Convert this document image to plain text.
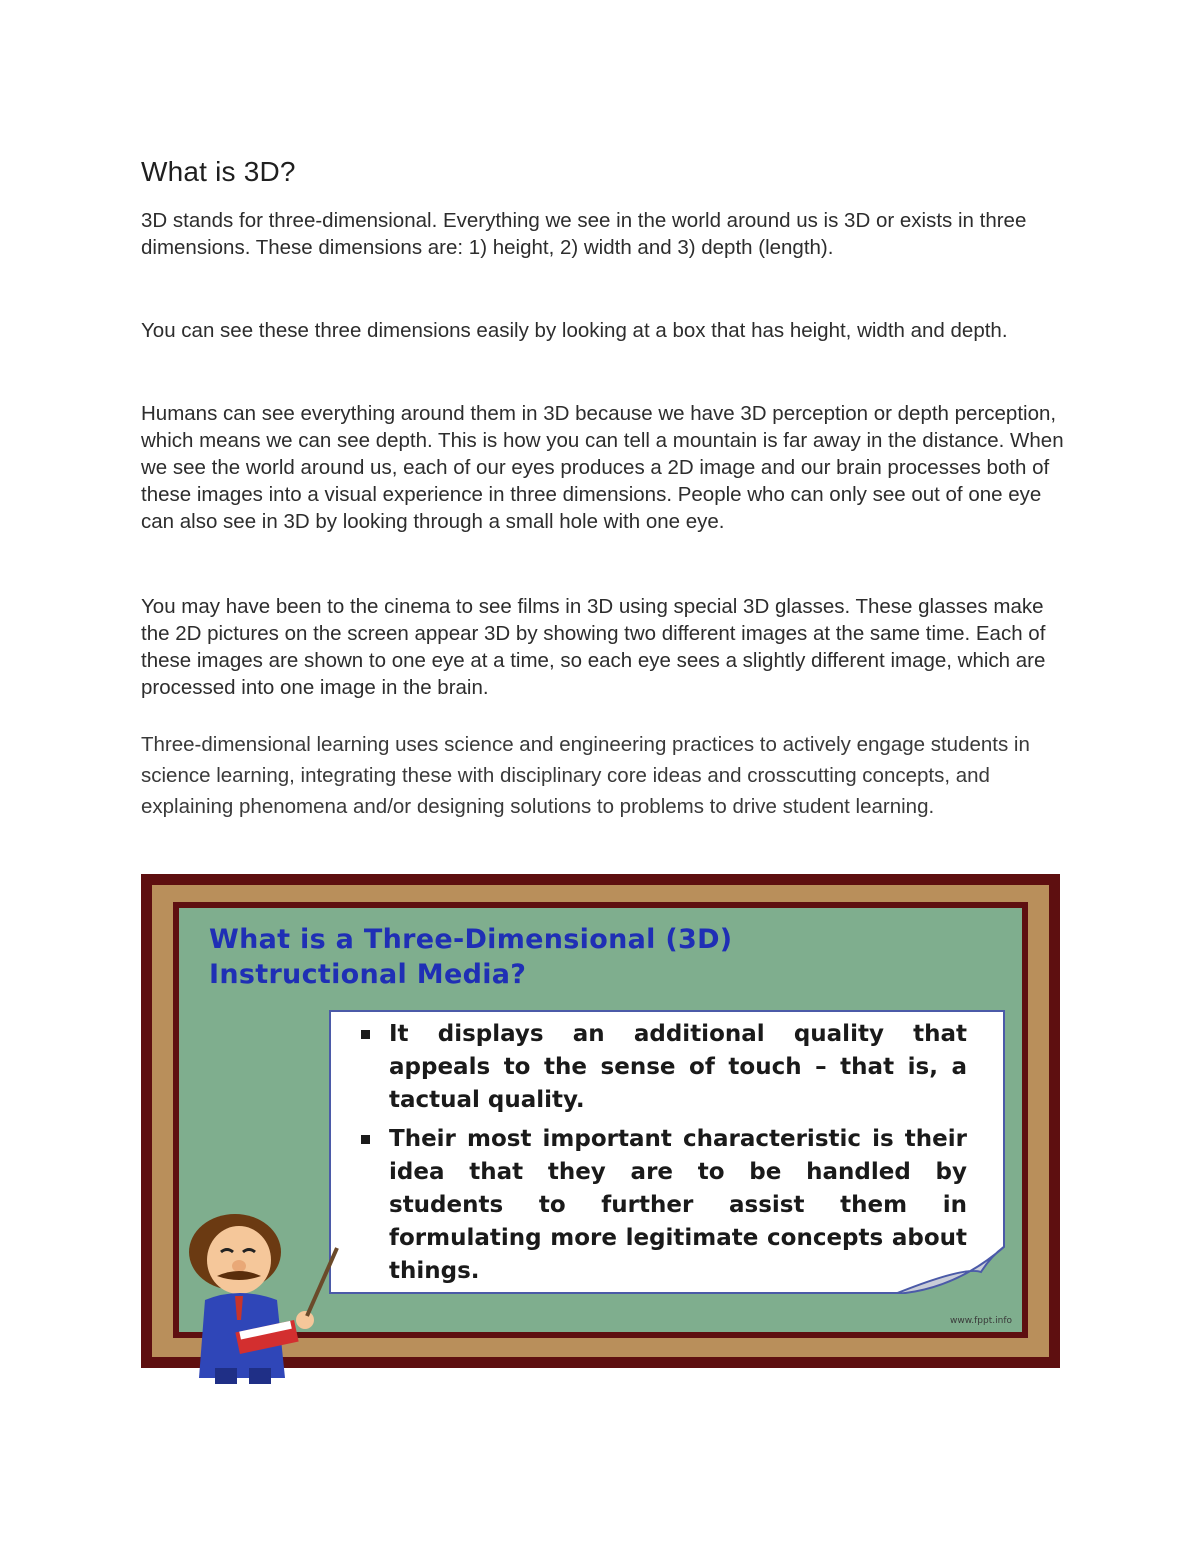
What is 3D?

3D stands for three-dimensional. Everything we see in the world around us is 3D or exists in three dimensions. These dimensions are: 1) height, 2) width and 3) depth (length).

You can see these three dimensions easily by looking at a box that has height, width and depth.

Humans can see everything around them in 3D because we have 3D perception or depth perception, which means we can see depth. This is how you can tell a mountain is far away in the distance. When we see the world around us, each of our eyes produces a 2D image and our brain processes both of these images into a visual experience in three dimensions. People who can only see out of one eye can also see in 3D by looking through a small hole with one eye.

You may have been to the cinema to see films in 3D using special 3D glasses. These glasses make the 2D pictures on the screen appear 3D by showing two different images at the same time. Each of these images are shown to one eye at a time, so each eye sees a slightly different image, which are processed into one image in the brain.

Three-dimensional learning uses science and engineering practices to actively engage students in science learning, integrating these with disciplinary core ideas and crosscutting concepts, and explaining phenomena and/or designing solutions to problems to drive student learning.

What is a Three-Dimensional (3D)
Instructional Media?
It displays an additional quality that appeals to the sense of touch – that is, a tactual quality.
Their most important characteristic is their idea that they are to be handled by students to further assist them in formulating more legitimate concepts about things.
www.fppt.info
